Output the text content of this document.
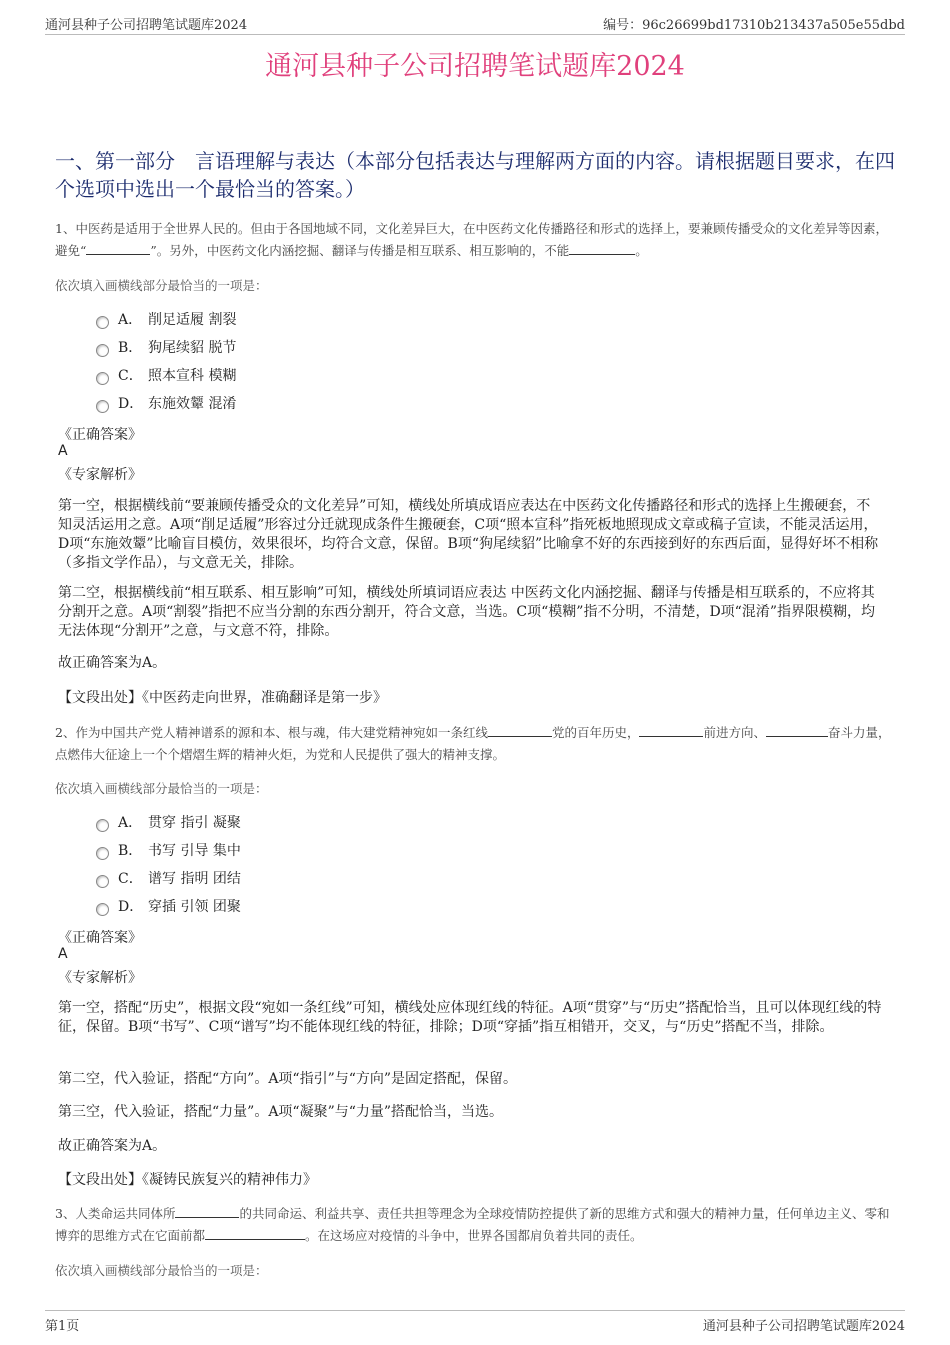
通河县种子公司招聘笔试题库2024	编号：96c26699bd17310b213437a505e55dbd
通河县种子公司招聘笔试题库2024
一、第一部分　言语理解与表达（本部分包括表达与理解两方面的内容。请根据题目要求，在四个选项中选出一个最恰当的答案。）
1、中医药是适用于全世界人民的。但由于各国地域不同，文化差异巨大，在中医药文化传播路径和形式的选择上，要兼顾传播受众的文化差异等因素，避免“	”。另外，中医药文化内涵挖掘、翻译与传播是相互联系、相互影响的，不能	。
依次填入画横线部分最恰当的一项是：
A． 削足适履 割裂
B． 狗尾续貂 脱节
C． 照本宣科 模糊
D． 东施效颦 混淆
《正确答案》
A
《专家解析》
第一空，根据横线前“要兼顾传播受众的文化差异”可知，横线处所填成语应表达在中医药文化传播路径和形式的选择上生搬硬套，不知灵活运用之意。A项“削足适履”形容过分迁就现成条件生搬硬套，C项“照本宣科”指死板地照现成文章或稿子宣读，不能灵活运用，D项“东施效颦”比喻盲目模仿，效果很坏，均符合文意，保留。B项“狗尾续貂”比喻拿不好的东西接到好的东西后面，显得好坏不相称（多指文学作品），与文意无关，排除。
第二空，根据横线前“相互联系、相互影响”可知，横线处所填词语应表达 中医药文化内涵挖掘、翻译与传播是相互联系的，不应将其分割开之意。A项“割裂”指把不应当分割的东西分割开，符合文意，当选。C项“模糊”指不分明，不清楚，D项“混淆”指界限模糊，均无法体现“分割开”之意，与文意不符，排除。
故正确答案为A。
【文段出处】《中医药走向世界，准确翻译是第一步》
2、作为中国共产党人精神谱系的源和本、根与魂，伟大建党精神宛如一条红线	党的百年历史，	前进方向、	奋斗力量，点燃伟大征途上一个个熠熠生辉的精神火炬，为党和人民提供了强大的精神支撑。
依次填入画横线部分最恰当的一项是：
A． 贯穿 指引 凝聚
B． 书写 引导 集中
C． 谱写 指明 团结
D． 穿插 引领 团聚
《正确答案》
A
《专家解析》
第一空，搭配“历史”，根据文段“宛如一条红线”可知，横线处应体现红线的特征。A项“贯穿”与“历史”搭配恰当，且可以体现红线的特征，保留。B项“书写”、C项“谱写”均不能体现红线的特征，排除；D项“穿插”指互相错开，交叉，与“历史”搭配不当，排除。
第二空，代入验证，搭配“方向”。A项“指引”与“方向”是固定搭配，保留。
第三空，代入验证，搭配“力量”。A项“凝聚”与“力量”搭配恰当，当选。
故正确答案为A。
【文段出处】《凝铸民族复兴的精神伟力》
3、人类命运共同体所	的共同命运、利益共享、责任共担等理念为全球疫情防控提供了新的思维方式和强大的精神力量，任何单边主义、零和博弈的思维方式在它面前都	。在这场应对疫情的斗争中，世界各国都肩负着共同的责任。
依次填入画横线部分最恰当的一项是：
第1页	通河县种子公司招聘笔试题库2024
